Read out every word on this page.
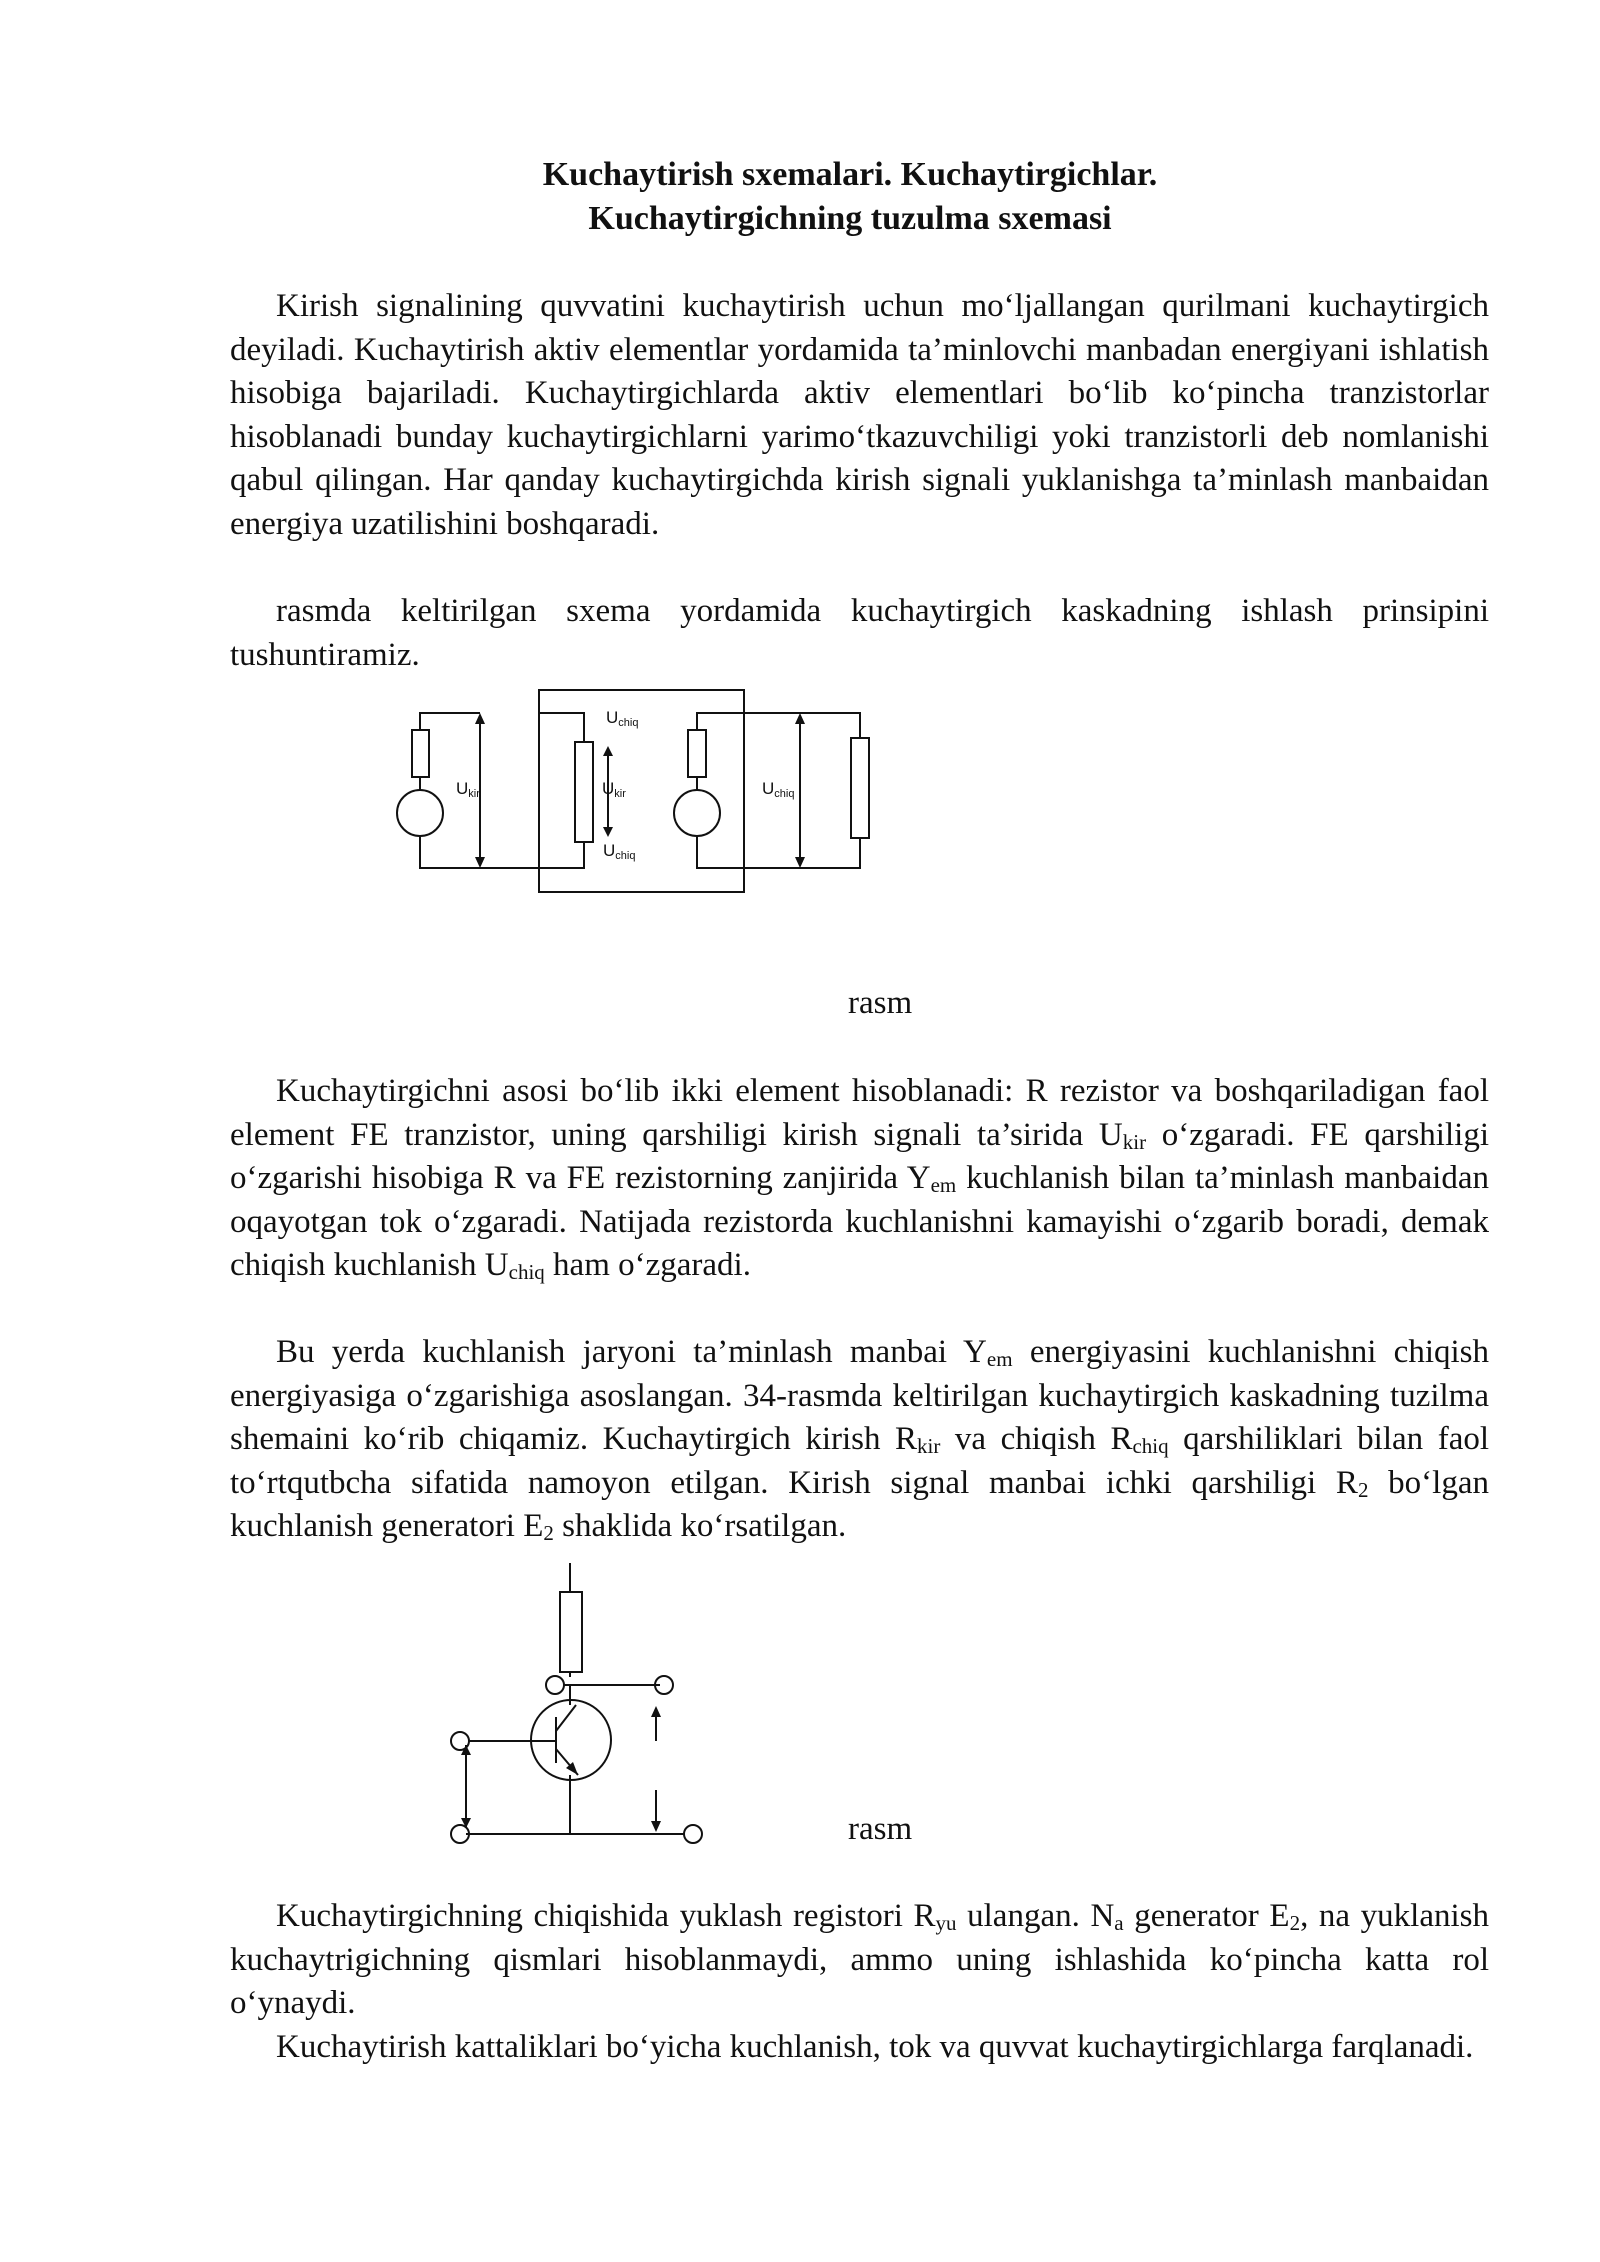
Kuchaytirish sxemalari. Kuchaytirgichlar.
Kuchaytirgichning tuzulma sxemasi

Kirish signalining quvvatini kuchaytirish uchun mo‘ljallangan qurilmani kuchaytirgich deyiladi. Kuchaytirish aktiv elementlar yordamida ta’minlovchi manbadan energiyani ishlatish hisobiga bajariladi. Kuchaytirgichlarda aktiv elementlari bo‘lib ko‘pincha tranzistorlar hisoblanadi bunday kuchaytirgichlarni yarimo‘tkazuvchiligi yoki tranzistorli deb nomlanishi qabul qilingan. Har qanday kuchaytirgichda kirish signali yuklanishga ta’minlash manbaidan energiya uzatilishini boshqaradi.

rasmda keltirilgan sxema yordamida kuchaytirgich kaskadning ishlash prinsipini tushuntiramiz.

Uchiq
Ukir	Ukir	Uchiq
Uchiq
rasm

Kuchaytirgichni asosi bo‘lib ikki element hisoblanadi: R rezistor va boshqariladigan faol element FE tranzistor, uning qarshiligi kirish signali ta’sirida $U_{kir}$ o‘zgaradi. FE qarshiligi o‘zgarishi hisobiga R va FE rezistorning zanjirida $Y_{em}$ kuchlanish bilan ta’minlash manbaidan oqayotgan tok o‘zgaradi. Natijada rezistorda kuchlanishni kamayishi o‘zgarib boradi, demak chiqish kuchlanish $U_{chiq}$ ham o‘zgaradi.

Bu yerda kuchlanish jaryoni ta’minlash manbai $Y_{em}$ energiyasini kuchlanishni chiqish energiyasiga o‘zgarishiga asoslangan. 34-rasmda keltirilgan kuchaytirgich kaskadning tuzilma shemaini ko‘rib chiqamiz. Kuchaytirgich kirish $R_{kir}$ va chiqish $R_{chiq}$ qarshiliklari bilan faol to‘rtqutbcha sifatida namoyon etilgan. Kirish signal manbai ichki qarshiligi $R_2$ bo‘lgan kuchlanish generatori $E_2$ shaklida ko‘rsatilgan.

rasm

Kuchaytirgichning chiqishida yuklash registori $R_{yu}$ ulangan. $N_a$ generator $E_2$, na yuklanish kuchaytrigichning qismlari hisoblanmaydi, ammo uning ishlashida ko‘pincha katta rol o‘ynaydi.

Kuchaytirish kattaliklari bo‘yicha kuchlanish, tok va quvvat kuchaytirgichlarga farqlanadi.
